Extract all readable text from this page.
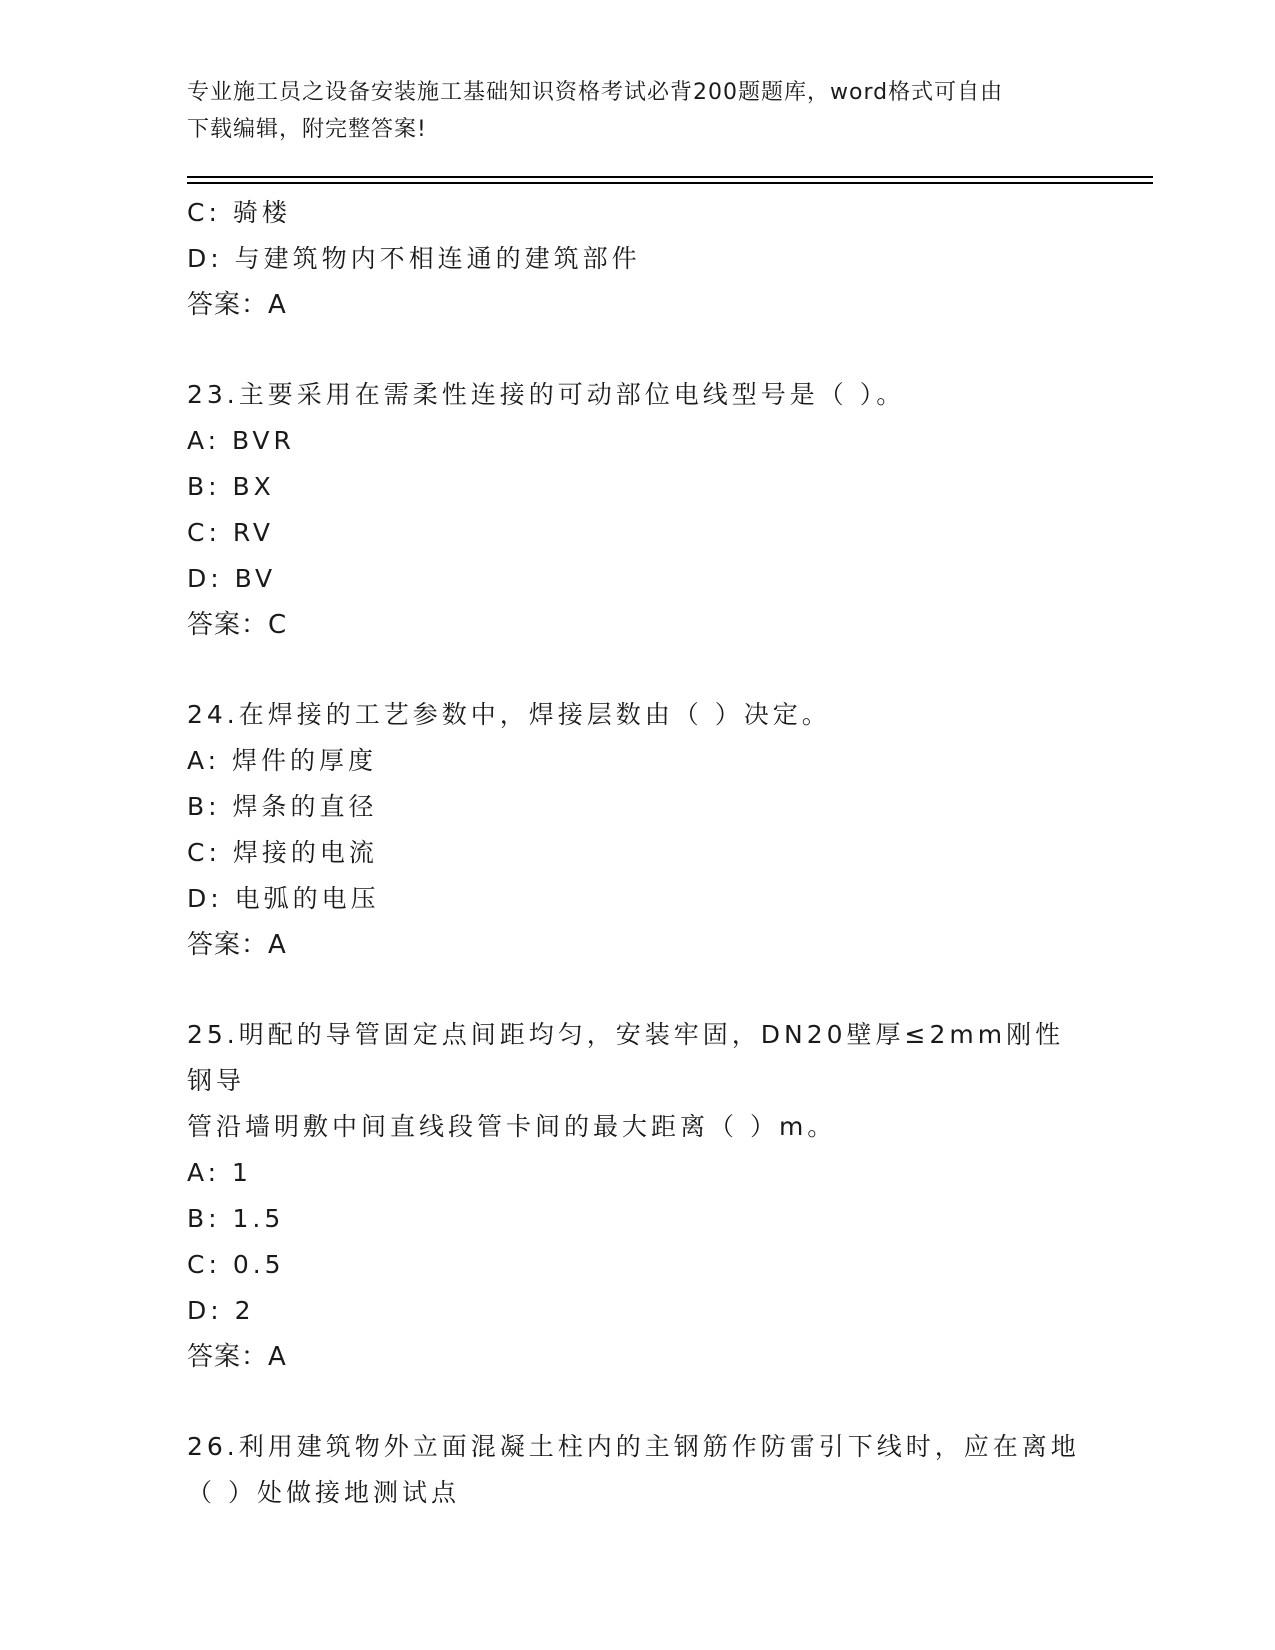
专业施工员之设备安装施工基础知识资格考试必背200题题库，word格式可自由
下载编辑，附完整答案!
C: 骑楼
D: 与建筑物内不相连通的建筑部件
答案：A
23.主要采用在需柔性连接的可动部位电线型号是（ ）。
A: BVR
B: BX
C: RV
D: BV
答案：C
24.在焊接的工艺参数中，焊接层数由（ ）决定。
A: 焊件的厚度
B: 焊条的直径
C: 焊接的电流
D: 电弧的电压
答案：A
25.明配的导管固定点间距均匀，安装牢固，DN20壁厚≤2mm刚性钢导
管沿墙明敷中间直线段管卡间的最大距离（ ）m。
A: 1
B: 1.5
C: 0.5
D: 2
答案：A
26.利用建筑物外立面混凝土柱内的主钢筋作防雷引下线时，应在离地
（ ）处做接地测试点
